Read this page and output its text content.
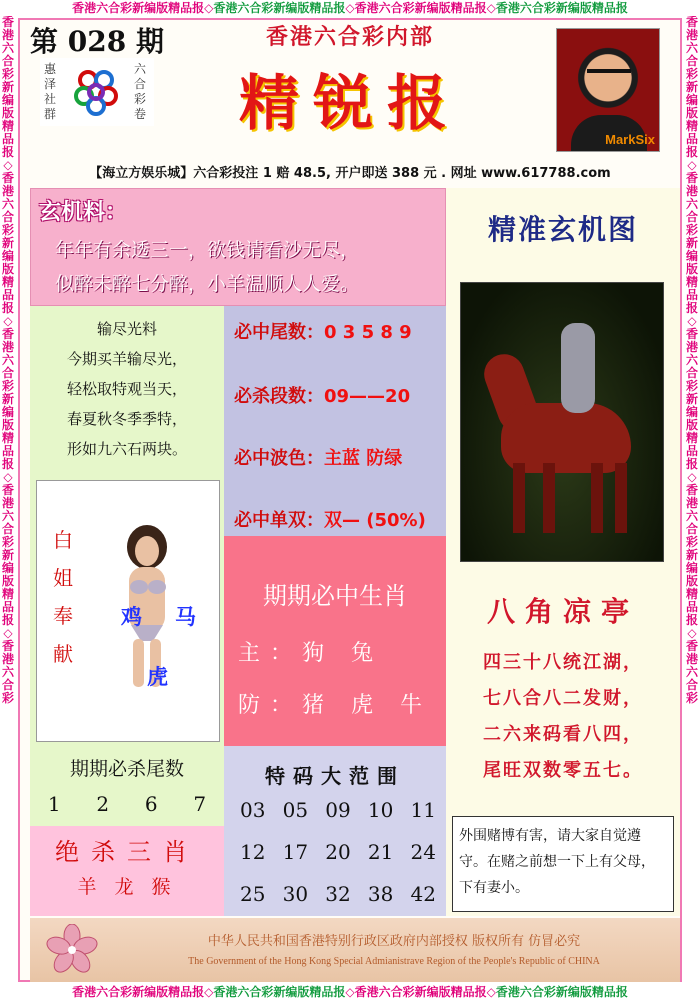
香港六合彩新编版精品报◇香港六合彩新编版精品报◇香港六合彩新编版精品报◇香港六合彩新编版精品报
香港六合彩新编版精品报◇香港六合彩新编版精品报◇香港六合彩新编版精品报◇香港六合彩新编版精品报◇香港六合彩
香港六合彩新编版精品报◇香港六合彩新编版精品报◇香港六合彩新编版精品报◇香港六合彩新编版精品报◇香港六合彩
香港六合彩新编版精品报◇香港六合彩新编版精品报◇香港六合彩新编版精品报◇香港六合彩新编版精品报
第 028 期
惠泽社群
六合彩卷
香港六合彩内部
精锐报
MarkSix
【海立方娱乐城】六合彩投注 1 赔 48.5, 开户即送 388 元 . 网址 www.617788.com
玄机料：
年年有余透三一，欲钱请看沙无尽，
似醉未醉七分醉，小羊温顺人人爱。
输尽光料
今期买羊输尽光，
轻松取特观当天，
春夏秋冬季季特，
形如九六石两块。
必中尾数：0 3 5 8 9
必杀段数：09——20
必中波色：主蓝 防绿
必中单双：双— (50%)
白
姐
奉
献
鸡 马
虎
期期必中生肖
主：狗 兔
防：猪 虎 牛
期期必杀尾数
1 2 6 7
绝杀三肖
羊 龙 猴
特码大范围
03 05 09 10 11
12 17 20 21 24
25 30 32 38 42
精准玄机图
八角凉亭
四三十八统江湖，
七八合八二发财，
二六来码看八四，
尾旺双数零五七。
外围赌博有害，请大家自觉遵守。在赌之前想一下上有父母，下有妻小。
中华人民共和国香港特别行政区政府内部授权 版权所有 仿冒必究
The Government of the Hong Kong Special Admianistrave Region of the People's Republic of CHINA
